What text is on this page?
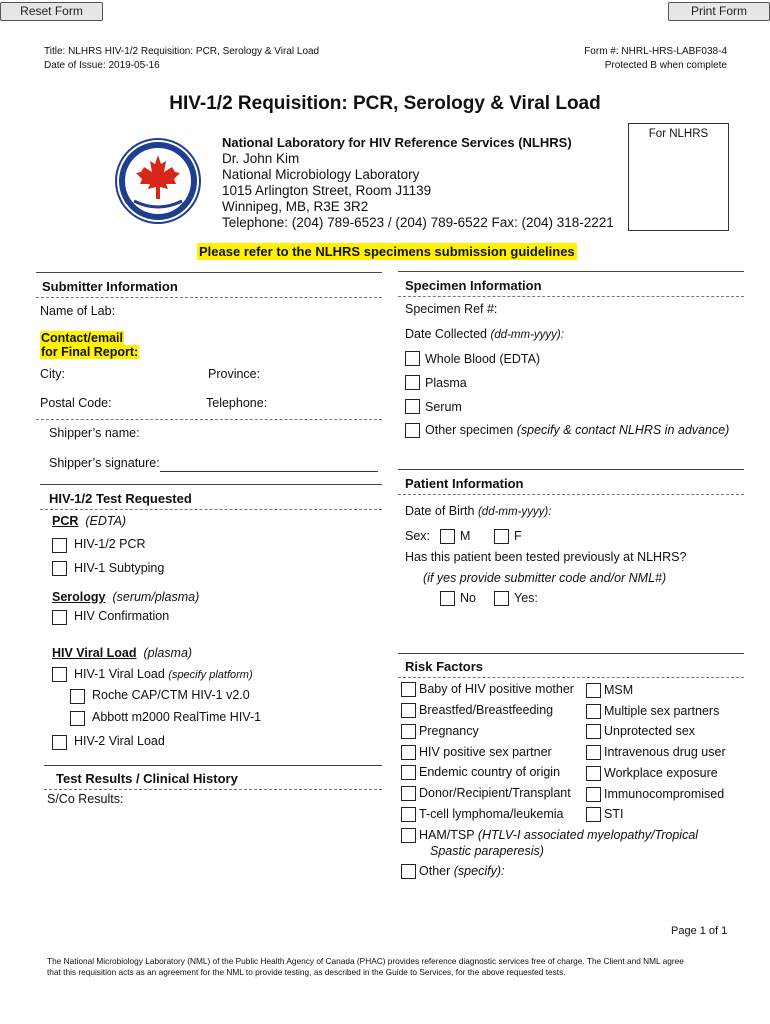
Reset Form	Print Form
Title: NLHRS HIV-1/2 Requisition: PCR, Serology & Viral Load
Date of Issue: 2019-05-16
Form #: NHRL-HRS-LABF038-4
Protected B when complete
HIV-1/2 Requisition: PCR, Serology & Viral Load
National Laboratory for HIV Reference Services (NLHRS)
Dr. John Kim
National Microbiology Laboratory
1015 Arlington Street, Room J1139
Winnipeg, MB, R3E 3R2
Telephone: (204) 789-6523 / (204) 789-6522 Fax: (204) 318-2221
For NLHRS
Please refer to the NLHRS specimens submission guidelines
Submitter Information
Name of Lab:
Contact/email
for Final Report:
City:	Province:
Postal Code:	Telephone:
Shipper’s name:
Shipper’s signature:
HIV-1/2 Test Requested
PCR (EDTA)
HIV-1/2 PCR
HIV-1 Subtyping
Serology (serum/plasma)
HIV Confirmation
HIV Viral Load (plasma)
HIV-1 Viral Load (specify platform)
Roche CAP/CTM HIV-1 v2.0
Abbott m2000 RealTime HIV-1
HIV-2 Viral Load
Test Results / Clinical History
S/Co Results:
Specimen Information
Specimen Ref #:
Date Collected (dd-mm-yyyy):
Whole Blood (EDTA)
Plasma
Serum
Other specimen (specify & contact NLHRS in advance)
Patient Information
Date of Birth (dd-mm-yyyy):
Sex: M	F
Has this patient been tested previously at NLHRS?
(if yes provide submitter code and/or NML#)
No	Yes:
Risk Factors
Baby of HIV positive mother
Breastfed/Breastfeeding
Pregnancy
HIV positive sex partner
Endemic country of origin
Donor/Recipient/Transplant
T-cell lymphoma/leukemia
HAM/TSP (HTLV-I associated myelopathy/Tropical
Spastic paraperesis)
Other (specify):
MSM
Multiple sex partners
Unprotected sex
Intravenous drug user
Workplace exposure
Immunocompromised
STI
Page 1 of 1
The National Microbiology Laboratory (NML) of the Public Health Agency of Canada (PHAC) provides reference diagnostic services free of charge. The Client and NML agree
that this requisition acts as an agreement for the NML to provide testing, as described in the Guide to Services, for the above requested tests.
